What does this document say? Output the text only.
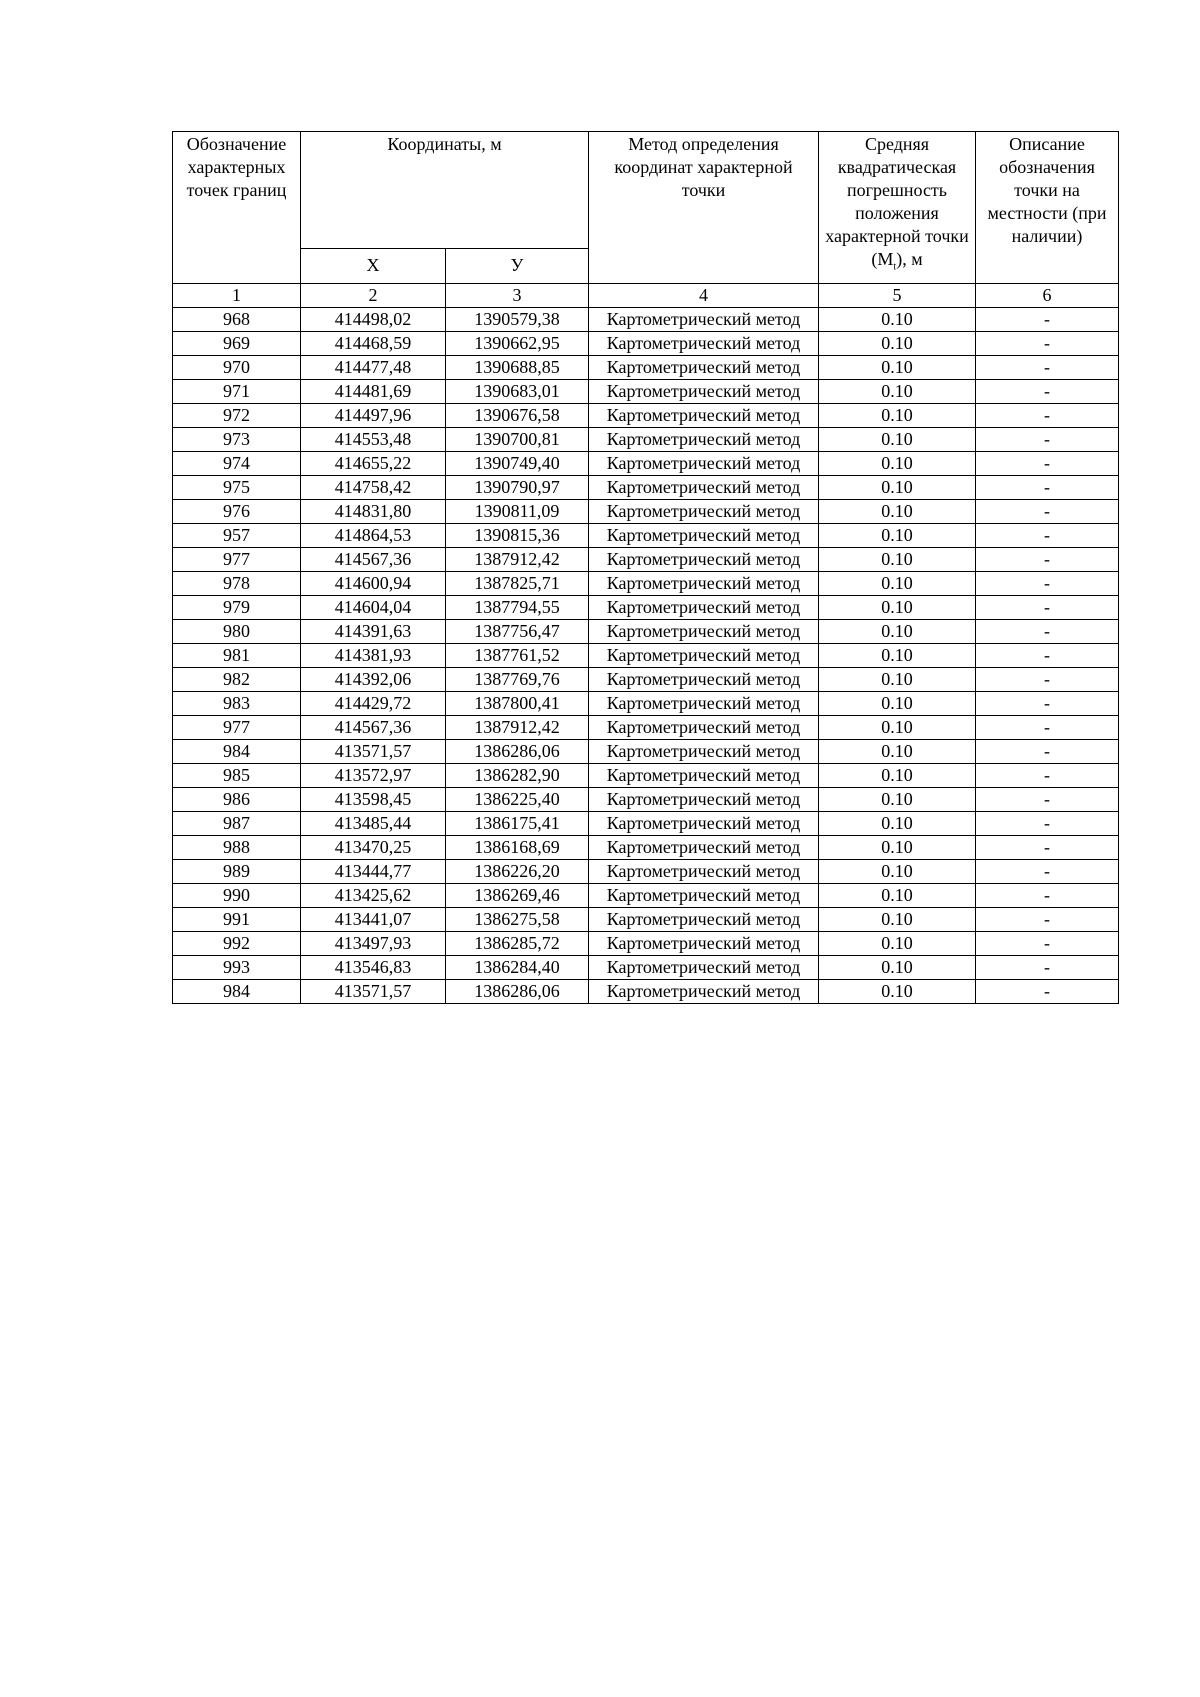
Обозначение характерных точек границ	Координаты, м		Метод определения координат характерной точки	Средняя квадратическая погрешность положения характерной точки $(M_t)$, м	Описание обозначения точки на местности (при наличии)
	Х	У			
1	2	3	4	5	6
968	414498,02	1390579,38	Картометрический метод	0.10	-
969	414468,59	1390662,95	Картометрический метод	0.10	-
970	414477,48	1390688,85	Картометрический метод	0.10	-
971	414481,69	1390683,01	Картометрический метод	0.10	-
972	414497,96	1390676,58	Картометрический метод	0.10	-
973	414553,48	1390700,81	Картометрический метод	0.10	-
974	414655,22	1390749,40	Картометрический метод	0.10	-
975	414758,42	1390790,97	Картометрический метод	0.10	-
976	414831,80	1390811,09	Картометрический метод	0.10	-
957	414864,53	1390815,36	Картометрический метод	0.10	-
977	414567,36	1387912,42	Картометрический метод	0.10	-
978	414600,94	1387825,71	Картометрический метод	0.10	-
979	414604,04	1387794,55	Картометрический метод	0.10	-
980	414391,63	1387756,47	Картометрический метод	0.10	-
981	414381,93	1387761,52	Картометрический метод	0.10	-
982	414392,06	1387769,76	Картометрический метод	0.10	-
983	414429,72	1387800,41	Картометрический метод	0.10	-
977	414567,36	1387912,42	Картометрический метод	0.10	-
984	413571,57	1386286,06	Картометрический метод	0.10	-
985	413572,97	1386282,90	Картометрический метод	0.10	-
986	413598,45	1386225,40	Картометрический метод	0.10	-
987	413485,44	1386175,41	Картометрический метод	0.10	-
988	413470,25	1386168,69	Картометрический метод	0.10	-
989	413444,77	1386226,20	Картометрический метод	0.10	-
990	413425,62	1386269,46	Картометрический метод	0.10	-
991	413441,07	1386275,58	Картометрический метод	0.10	-
992	413497,93	1386285,72	Картометрический метод	0.10	-
993	413546,83	1386284,40	Картометрический метод	0.10	-
984	413571,57	1386286,06	Картометрический метод	0.10	-
